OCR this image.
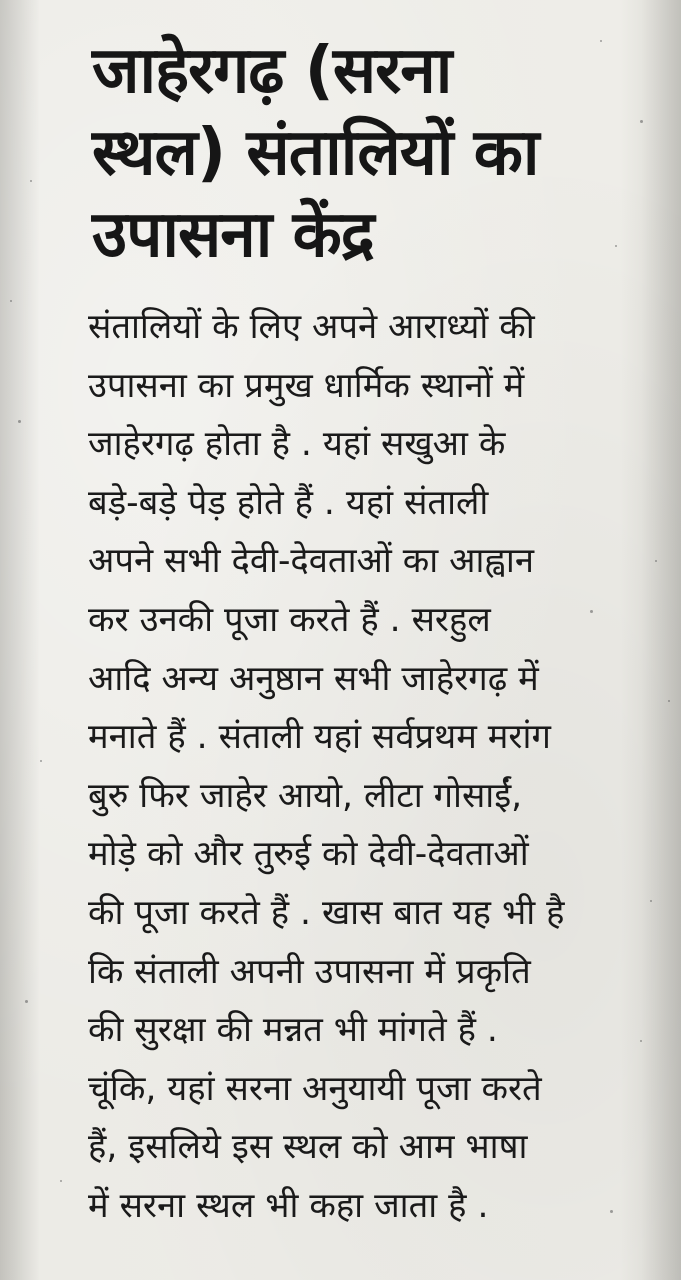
जाहेरगढ़ (सरना
स्थल) संतालियों का
उपासना केंद्र
संतालियों के लिए अपने आराध्यों की
उपासना का प्रमुख धार्मिक स्थानों में
जाहेरगढ़ होता है . यहां सखुआ के
बड़े-बड़े पेड़ होते हैं . यहां संताली
अपने सभी देवी-देवताओं का आह्वान
कर उनकी पूजा करते हैं . सरहुल
आदि अन्य अनुष्ठान सभी जाहेरगढ़ में
मनाते हैं . संताली यहां सर्वप्रथम मरांग
बुरु फिर जाहेर आयो, लीटा गोसाईं,
मोड़े को और तुरुई को देवी-देवताओं
की पूजा करते हैं . खास बात यह भी है
कि संताली अपनी उपासना में प्रकृति
की सुरक्षा की मन्नत भी मांगते हैं .
चूंकि, यहां सरना अनुयायी पूजा करते
हैं, इसलिये इस स्थल को आम भाषा
में सरना स्थल भी कहा जाता है .
